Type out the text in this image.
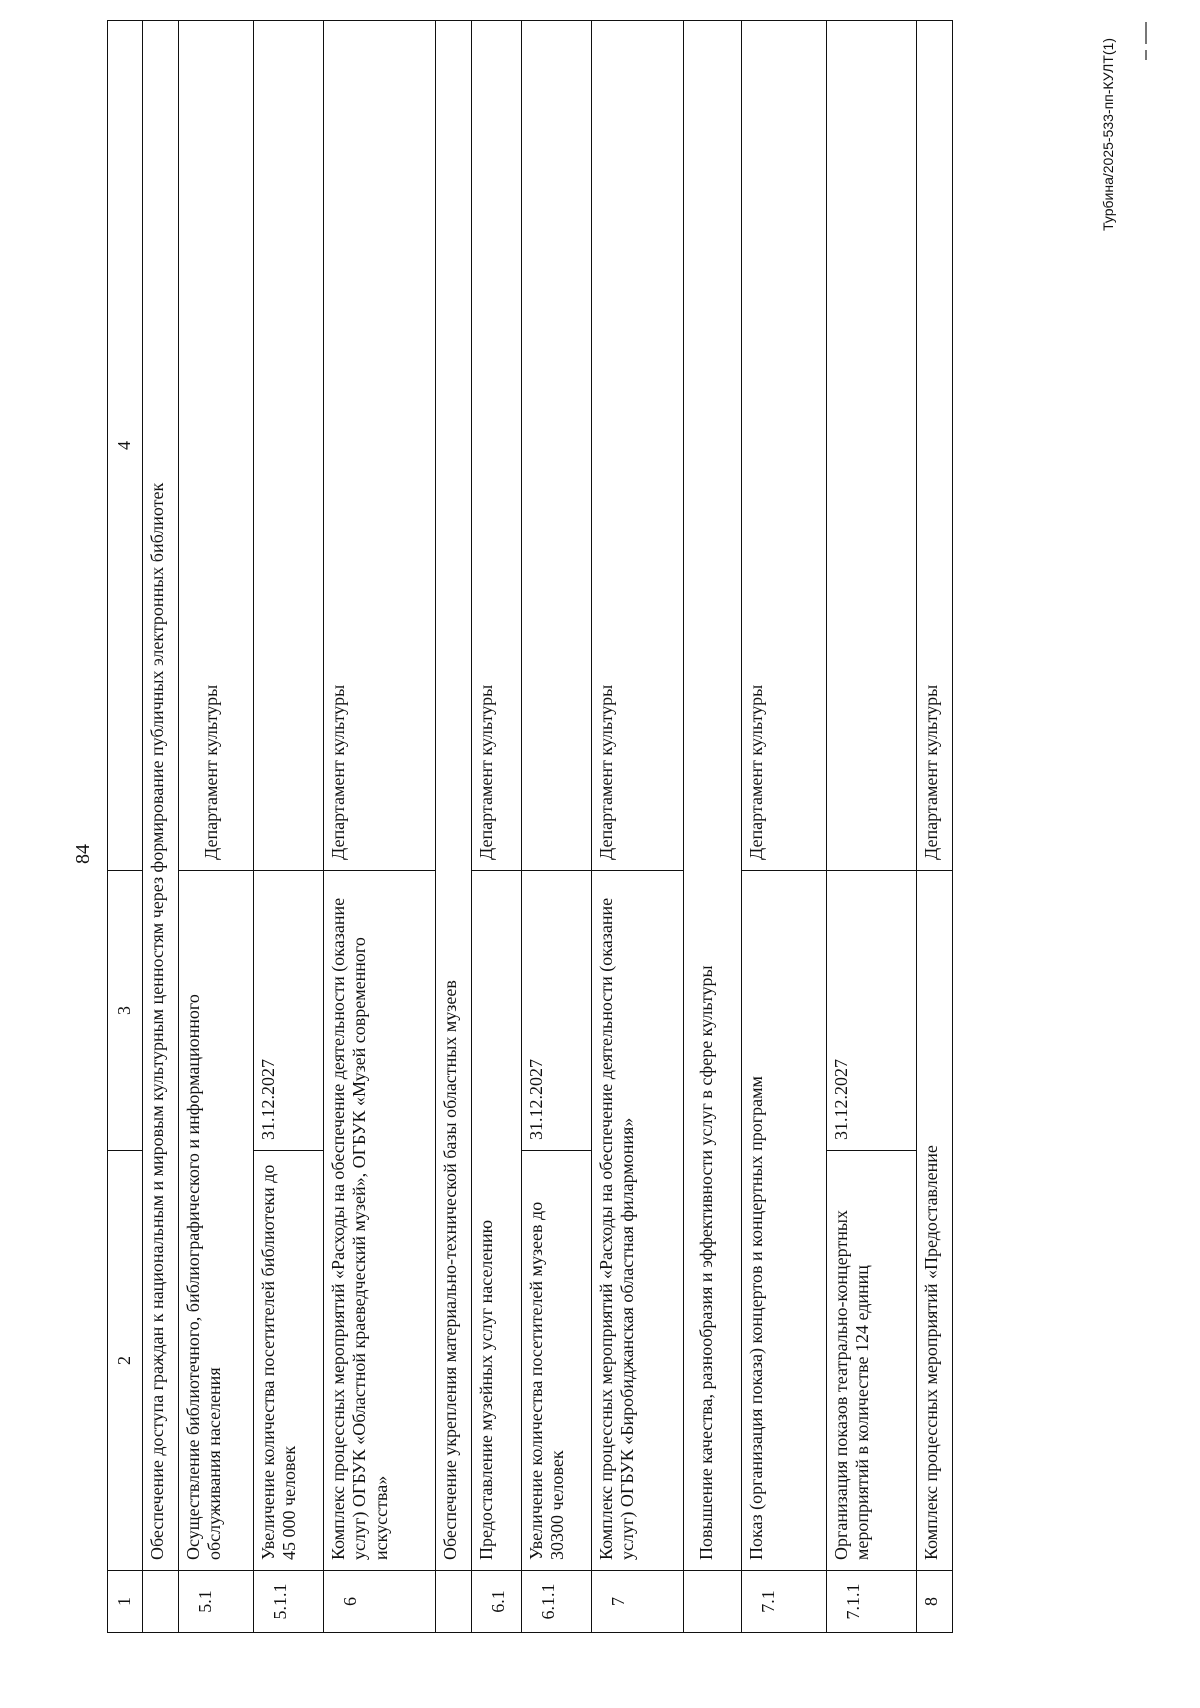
84
1	2	3	4
	Обеспечение доступа граждан к национальным и мировым культурным ценностям через формирование публичных электронных библиотек		
5.1	Осуществление библиотечного, библиографического и информационного обслуживания населения		Департамент культуры
5.1.1	Увеличение количества посетителей библиотеки до 45 000 человек	31.12.2027	
6	Комплекс процессных мероприятий «Расходы на обеспечение деятельности (оказание услуг) ОГБУК «Областной краеведческий музей», ОГБУК «Музей современного искусства»		Департамент культуры
	Обеспечение укрепления материально-технической базы областных музеев		
6.1	Предоставление музейных услуг населению		Департамент культуры
6.1.1	Увеличение количества посетителей музеев до 30300 человек	31.12.2027	
7	Комплекс процессных мероприятий «Расходы на обеспечение деятельности (оказание услуг) ОГБУК «Биробиджанская областная филармония»		Департамент культуры
	Повышение качества, разнообразия и эффективности услуг в сфере культуры		
7.1	Показ (организация показа) концертов и концертных программ		Департамент культуры
7.1.1	Организация показов театрально-концертных мероприятий в количестве 124 единиц	31.12.2027	
8	Комплекс процессных мероприятий «Предоставление		Департамент культуры
Турбина/2025-533-пп-КУЛТ(1)
